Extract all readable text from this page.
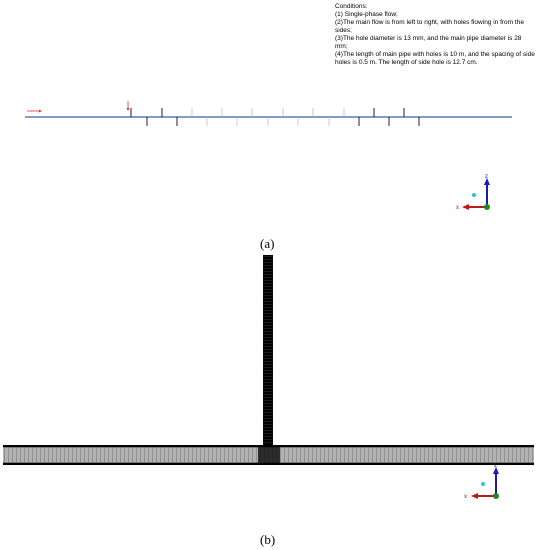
Conditions:
(1) Single-phase flow;
(2)The main flow is from left to right, with holes flowing in from the sides;
(3)The hole diameter is 13 mm, and the main pipe diameter is 28 mm;
(4)The length of main pipe with holes is 10 m, and the spacing of side holes is 0.5 m. The length of side hole is 12.7 cm.
z
x
z
x
(a)
(b)
